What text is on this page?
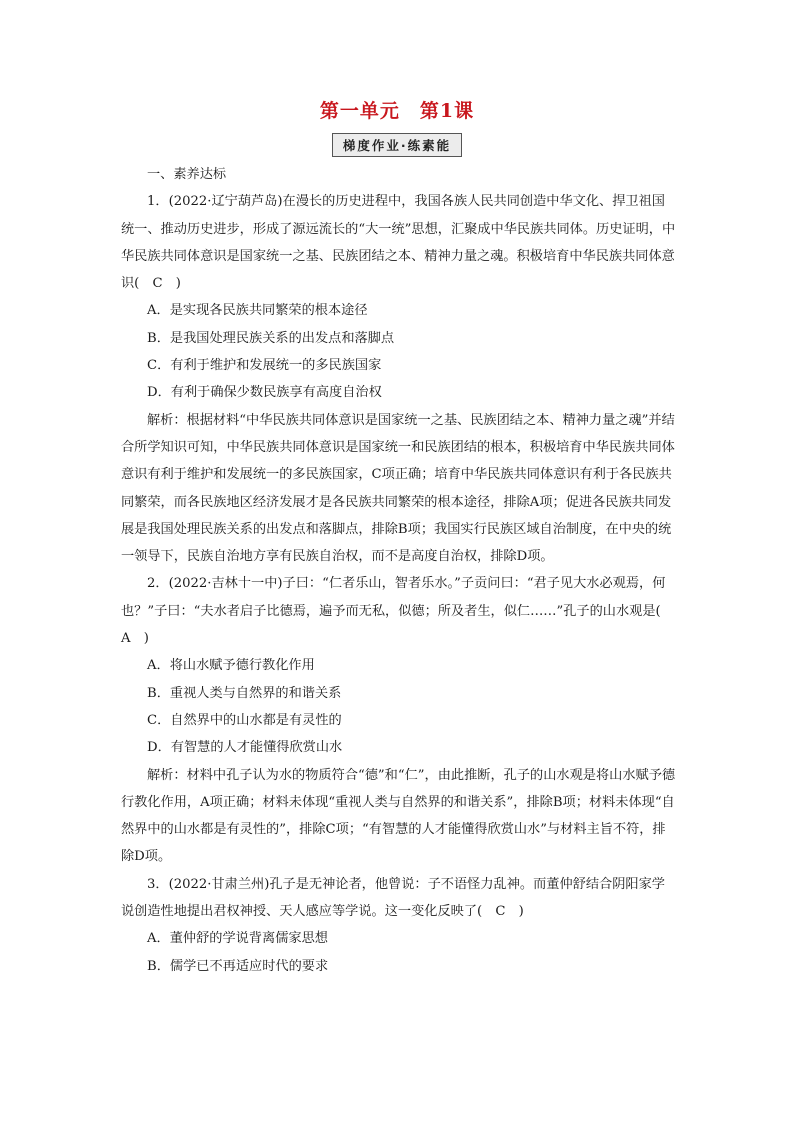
第一单元　第1课
梯度作业·练素能

一、素养达标

1．(2022·辽宁葫芦岛)在漫长的历史进程中，我国各族人民共同创造中华文化、捍卫祖国统一、推动历史进步，形成了源远流长的“大一统”思想，汇聚成中华民族共同体。历史证明，中华民族共同体意识是国家统一之基、民族团结之本、精神力量之魂。积极培育中华民族共同体意识(　C　)

A．是实现各民族共同繁荣的根本途径

B．是我国处理民族关系的出发点和落脚点

C．有利于维护和发展统一的多民族国家

D．有利于确保少数民族享有高度自治权

解析：根据材料“中华民族共同体意识是国家统一之基、民族团结之本、精神力量之魂”并结合所学知识可知，中华民族共同体意识是国家统一和民族团结的根本，积极培育中华民族共同体意识有利于维护和发展统一的多民族国家，C项正确；培育中华民族共同体意识有利于各民族共同繁荣，而各民族地区经济发展才是各民族共同繁荣的根本途径，排除A项；促进各民族共同发展是我国处理民族关系的出发点和落脚点，排除B项；我国实行民族区域自治制度，在中央的统一领导下，民族自治地方享有民族自治权，而不是高度自治权，排除D项。

2．(2022·吉林十一中)子曰：“仁者乐山，智者乐水。”子贡问曰：“君子见大水必观焉，何也？”子曰：“夫水者启子比德焉，遍予而无私，似德；所及者生，似仁……”孔子的山水观是(　A　)

A．将山水赋予德行教化作用

B．重视人类与自然界的和谐关系

C．自然界中的山水都是有灵性的

D．有智慧的人才能懂得欣赏山水

解析：材料中孔子认为水的物质符合“德”和“仁”，由此推断，孔子的山水观是将山水赋予德行教化作用，A项正确；材料未体现“重视人类与自然界的和谐关系”，排除B项；材料未体现“自然界中的山水都是有灵性的”，排除C项；“有智慧的人才能懂得欣赏山水”与材料主旨不符，排除D项。

3．(2022·甘肃兰州)孔子是无神论者，他曾说：子不语怪力乱神。而董仲舒结合阴阳家学说创造性地提出君权神授、天人感应等学说。这一变化反映了(　C　)

A．董仲舒的学说背离儒家思想

B．儒学已不再适应时代的要求
